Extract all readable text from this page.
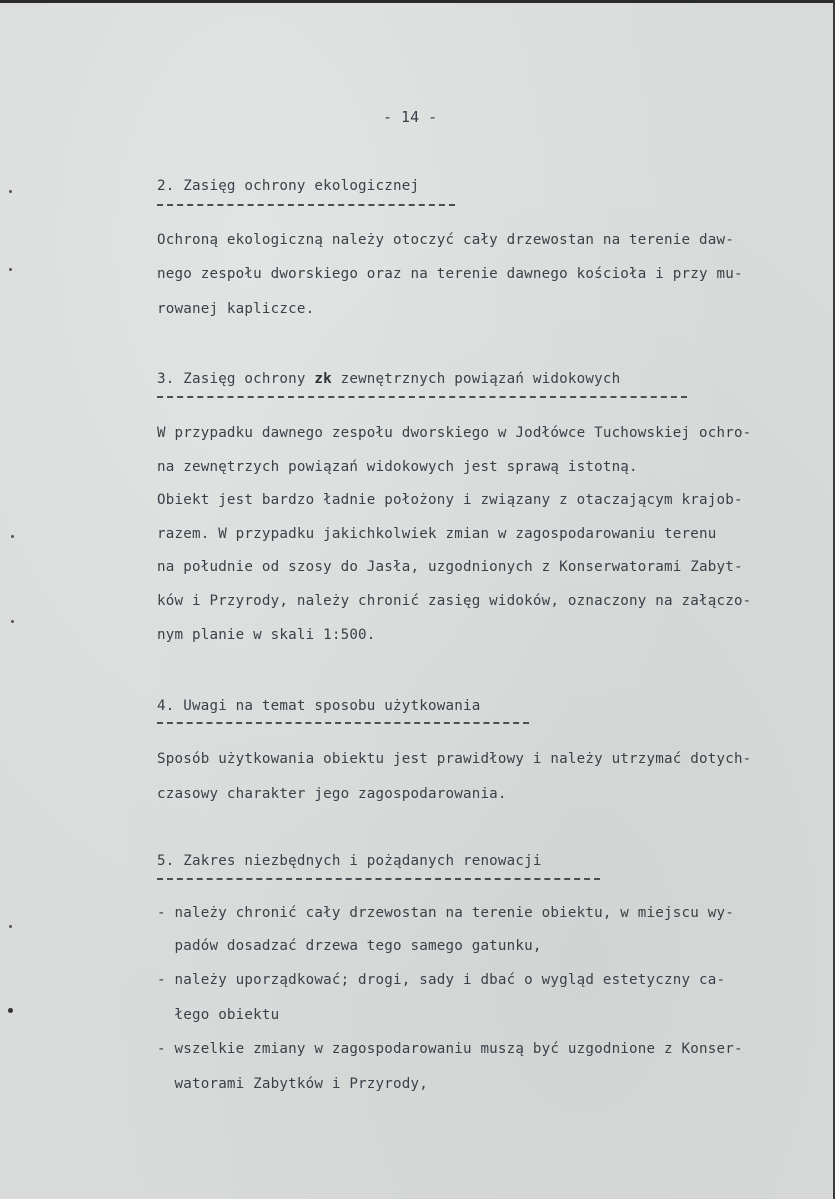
- 14 -
2. Zasięg ochrony ekologicznej
Ochroną ekologiczną należy otoczyć cały drzewostan na terenie daw-
nego zespołu dworskiego oraz na terenie dawnego kościoła i przy mu-
rowanej kapliczce.
3. Zasięg ochrony zk zewnętrznych powiązań widokowych
W przypadku dawnego zespołu dworskiego w Jodłówce Tuchowskiej ochro-
na zewnętrzych powiązań widokowych jest sprawą istotną.
Obiekt jest bardzo ładnie położony i związany z otaczającym krajob-
razem. W przypadku jakichkolwiek zmian w zagospodarowaniu terenu
na południe od szosy do Jasła, uzgodnionych z Konserwatorami Zabyt-
ków i Przyrody, należy chronić zasięg widoków, oznaczony na załączo-
nym planie w skali 1:500.
4. Uwagi na temat sposobu użytkowania
Sposób użytkowania obiektu jest prawidłowy i należy utrzymać dotych-
czasowy charakter jego zagospodarowania.
5. Zakres niezbędnych i pożądanych renowacji
- należy chronić cały drzewostan na terenie obiektu, w miejscu wy-
padów dosadzać drzewa tego samego gatunku,
- należy uporządkować; drogi, sady i dbać o wygląd estetyczny ca-
łego obiektu
- wszelkie zmiany w zagospodarowaniu muszą być uzgodnione z Konser-
watorami Zabytków i Przyrody,
